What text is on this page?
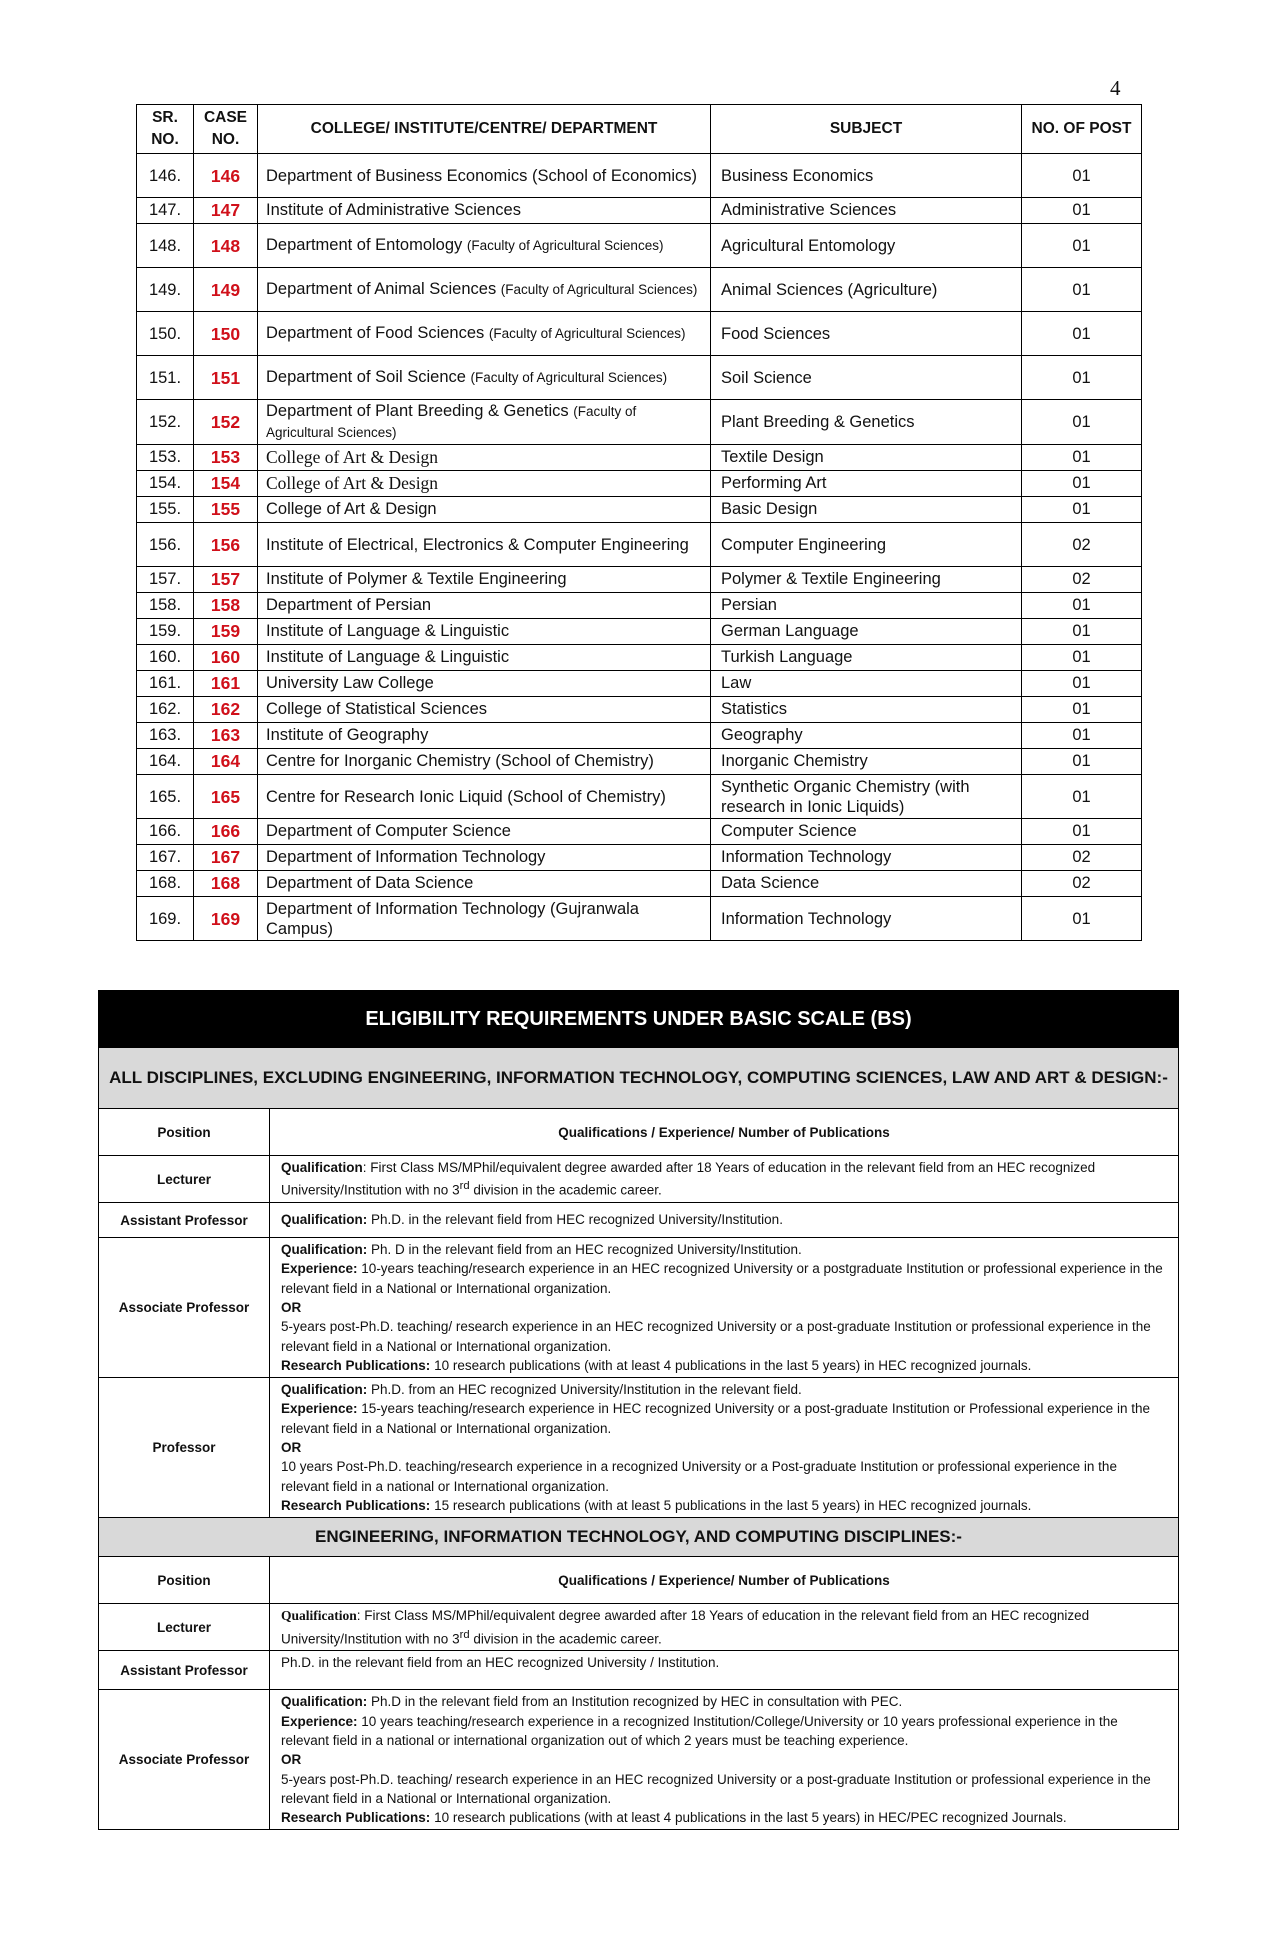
4
SR. NO.	CASE NO.	COLLEGE/ INSTITUTE/CENTRE/ DEPARTMENT	SUBJECT	NO. OF POST
146.	146	Department of Business Economics (School of Economics)	Business Economics	01
147.	147	Institute of Administrative Sciences	Administrative Sciences	01
148.	148	Department of Entomology (Faculty of Agricultural Sciences)	Agricultural Entomology	01
149.	149	Department of Animal Sciences (Faculty of Agricultural Sciences)	Animal Sciences (Agriculture)	01
150.	150	Department of Food Sciences (Faculty of Agricultural Sciences)	Food Sciences	01
151.	151	Department of Soil Science (Faculty of Agricultural Sciences)	Soil Science	01
152.	152	Department of Plant Breeding & Genetics (Faculty of Agricultural Sciences)	Plant Breeding & Genetics	01
153.	153	College of Art & Design	Textile Design	01
154.	154	College of Art & Design	Performing Art	01
155.	155	College of Art & Design	Basic Design	01
156.	156	Institute of Electrical, Electronics & Computer Engineering	Computer Engineering	02
157.	157	Institute of Polymer & Textile Engineering	Polymer & Textile Engineering	02
158.	158	Department of Persian	Persian	01
159.	159	Institute of Language & Linguistic	German Language	01
160.	160	Institute of Language & Linguistic	Turkish Language	01
161.	161	University Law College	Law	01
162.	162	College of Statistical Sciences	Statistics	01
163.	163	Institute of Geography	Geography	01
164.	164	Centre for Inorganic Chemistry (School of Chemistry)	Inorganic Chemistry	01
165.	165	Centre for Research Ionic Liquid (School of Chemistry)	Synthetic Organic Chemistry (with research in Ionic Liquids)	01
166.	166	Department of Computer Science	Computer Science	01
167.	167	Department of Information Technology	Information Technology	02
168.	168	Department of Data Science	Data Science	02
169.	169	Department of Information Technology (Gujranwala Campus)	Information Technology	01
ELIGIBILITY REQUIREMENTS UNDER BASIC SCALE (BS)	
ALL DISCIPLINES, EXCLUDING ENGINEERING, INFORMATION TECHNOLOGY, COMPUTING SCIENCES, LAW AND ART & DESIGN:-	
Position	Qualifications / Experience/ Number of Publications
Lecturer	Qualification: First Class MS/MPhil/equivalent degree awarded after 18 Years of education in the relevant field from an HEC recognized University/Institution with no 3rd division in the academic career.
Assistant Professor	Qualification: Ph.D. in the relevant field from HEC recognized University/Institution.
Associate Professor	Qualification: Ph. D in the relevant field from an HEC recognized University/Institution.
Experience: 10-years teaching/research experience in an HEC recognized University or a postgraduate Institution or professional experience in the relevant field in a National or International organization.
OR
5-years post-Ph.D. teaching/ research experience in an HEC recognized University or a post-graduate Institution or professional experience in the relevant field in a National or International organization.
Research Publications: 10 research publications (with at least 4 publications in the last 5 years) in HEC recognized journals.
Professor	Qualification: Ph.D. from an HEC recognized University/Institution in the relevant field.
Experience: 15-years teaching/research experience in HEC recognized University or a post-graduate Institution or Professional experience in the relevant field in a National or International organization.
OR
10 years Post-Ph.D. teaching/research experience in a recognized University or a Post-graduate Institution or professional experience in the relevant field in a national or International organization.
Research Publications: 15 research publications (with at least 5 publications in the last 5 years) in HEC recognized journals.
ENGINEERING, INFORMATION TECHNOLOGY, AND COMPUTING DISCIPLINES:-	
Position	Qualifications / Experience/ Number of Publications
Lecturer	Qualification: First Class MS/MPhil/equivalent degree awarded after 18 Years of education in the relevant field from an HEC recognized University/Institution with no 3rd division in the academic career.
Assistant Professor	Ph.D. in the relevant field from an HEC recognized University / Institution.
Associate Professor	Qualification: Ph.D in the relevant field from an Institution recognized by HEC in consultation with PEC.
Experience: 10 years teaching/research experience in a recognized Institution/College/University or 10 years professional experience in the relevant field in a national or international organization out of which 2 years must be teaching experience.
OR
5-years post-Ph.D. teaching/ research experience in an HEC recognized University or a post-graduate Institution or professional experience in the relevant field in a National or International organization.
Research Publications: 10 research publications (with at least 4 publications in the last 5 years) in HEC/PEC recognized Journals.
